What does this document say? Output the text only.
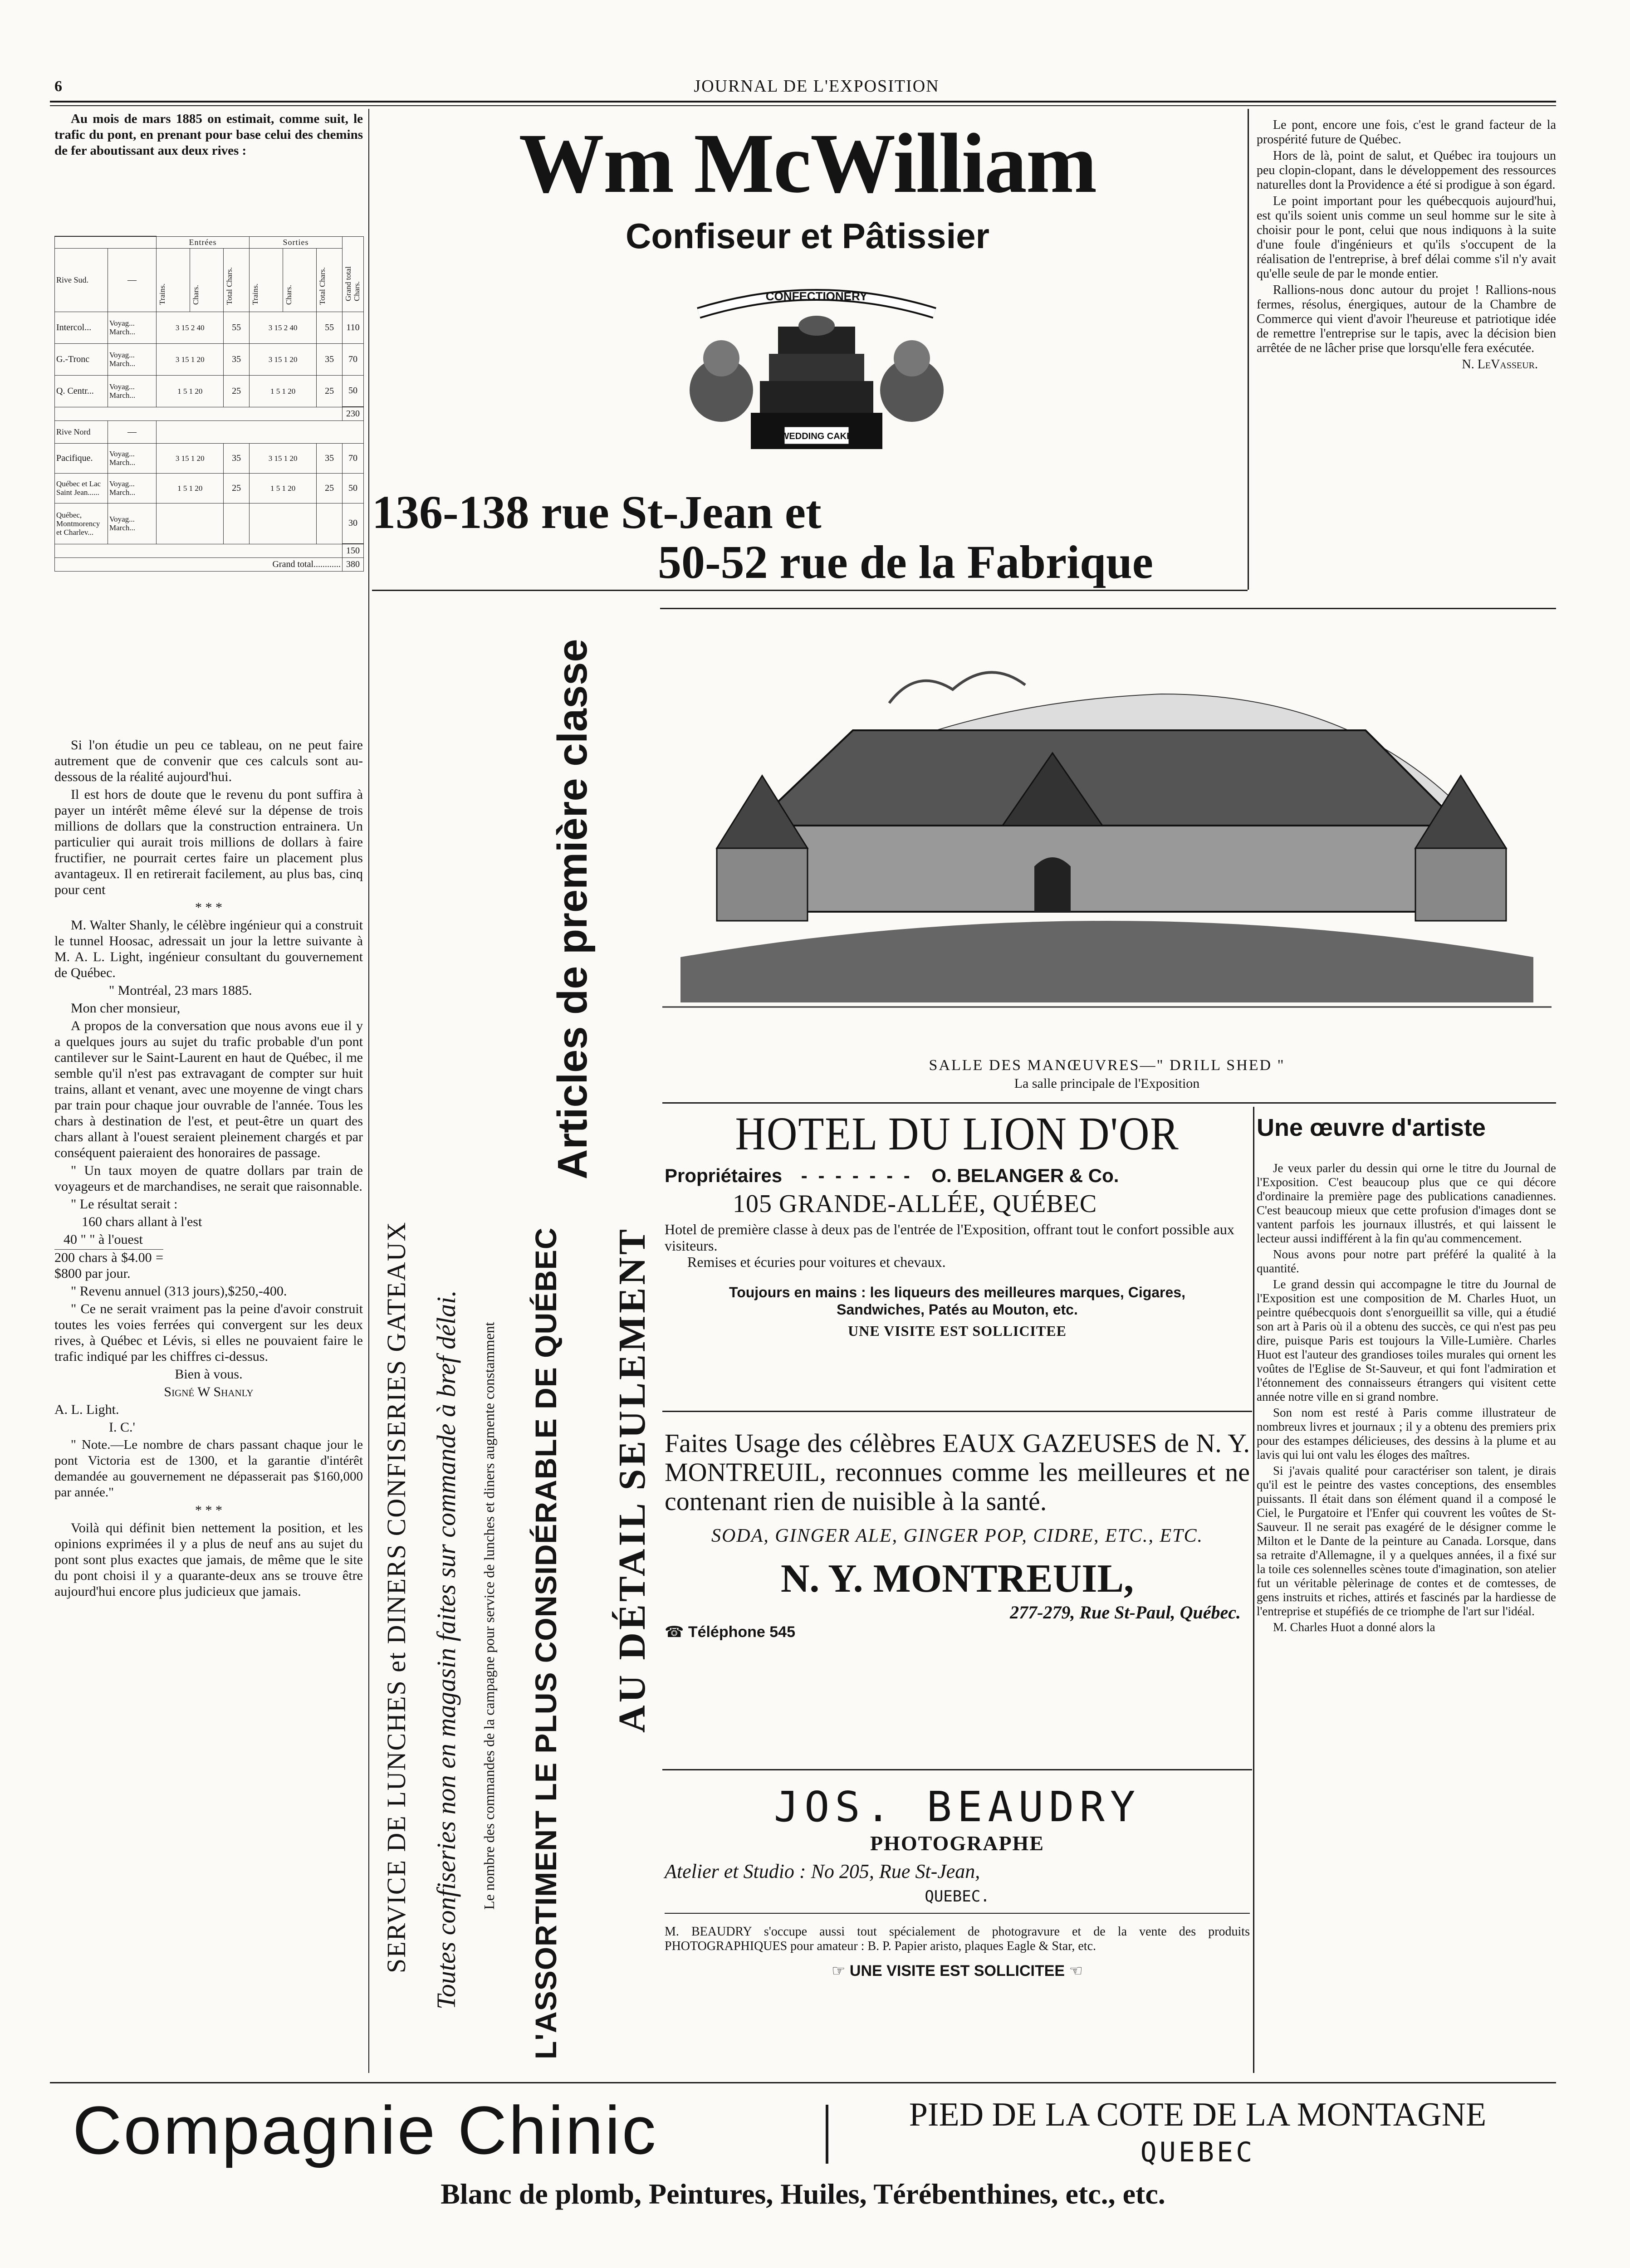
6	JOURNAL DE L'EXPOSITION

Au mois de mars 1885 on estimait, comme suit, le trafic du pont, en prenant pour base celui des chemins de fer aboutissant aux deux rives :

		Entrées			Sorties			Grand total Chars.

Rive Sud.	—	Trains.	Chars.	Total Chars.	Trains.	Chars.	Total Chars.	

Intercol...	Voyag... March...	3 15 2 40		55	3 15 2 40		55	110
G.-Tronc	Voyag... March...	3 15 1 20		35	3 15 1 20		35	70
Q. Centr...	Voyag... March...	1 5 1 20		25	1 5 1 20		25	50
								230
Rive Nord	—							
Pacifique.	Voyag... March...	3 15 1 20		35	3 15 1 20		35	70
Québec et Lac Saint Jean......	Voyag... March...	1 5 1 20		25	1 5 1 20		25	50
Québec, Montmorency et Charlev...	Voyag... March...							30
								150
Grand total............								380

Si l'on étudie un peu ce tableau, on ne peut faire autrement que de convenir que ces calculs sont au-dessous de la réalité aujourd'hui.

Il est hors de doute que le revenu du pont suffira à payer un intérêt même élevé sur la dépense de trois millions de dollars que la construction entrainera. Un particulier qui aurait trois millions de dollars à faire fructifier, ne pourrait certes faire un placement plus avantageux. Il en retirerait facilement, au plus bas, cinq pour cent

* * *

M. Walter Shanly, le célèbre ingénieur qui a construit le tunnel Hoosac, adressait un jour la lettre suivante à M. A. L. Light, ingénieur consultant du gouvernement de Québec.

" Montréal, 23 mars 1885.

Mon cher monsieur,

A propos de la conversation que nous avons eue il y a quelques jours au sujet du trafic probable d'un pont cantilever sur le Saint-Laurent en haut de Québec, il me semble qu'il n'est pas extravagant de compter sur huit trains, allant et venant, avec une moyenne de vingt chars par train pour chaque jour ouvrable de l'année. Tous les chars à destination de l'est, et peut-être un quart des chars allant à l'ouest seraient pleinement chargés et par conséquent paieraient des honoraires de passage.

" Un taux moyen de quatre dollars par train de voyageurs et de marchandises, ne serait que raisonnable.

" Le résultat serait :

160 chars allant à l'est

40 " " à l'ouest

200 chars à $4.00 = $800 par jour.

" Revenu annuel (313 jours),$250,-400.

" Ce ne serait vraiment pas la peine d'avoir construit toutes les voies ferrées qui convergent sur les deux rives, à Québec et Lévis, si elles ne pouvaient faire le trafic indiqué par les chiffres ci-dessus.

Bien à vous.

Signé W Shanly

A. L. Light.

I. C.'

" Note.—Le nombre de chars passant chaque jour le pont Victoria est de 1300, et la garantie d'intérêt demandée au gouvernement ne dépasserait pas $160,000 par année."

* * *

Voilà qui définit bien nettement la position, et les opinions exprimées il y a plus de neuf ans au sujet du pont sont plus exactes que jamais, de même que le site du pont choisi il y a quarante-deux ans se trouve être aujourd'hui encore plus judicieux que jamais.

Wm McWilliam
Confiseur et Pâtissier
CONFECTIONERY
WEDDING CAKE
136-138 rue St-Jean et
50-52 rue de la Fabrique
SERVICE DE LUNCHES et DINERS CONFISERIES GATEAUX Toutes confiseries non en magasin faites sur commande à bref délai. Le nombre des commandes de la campagne pour service de lunches et diners augmente constamment L'ASSORTIMENT LE PLUS CONSIDÉRABLE DE QUÉBEC
Articles de première classe
AU DÉTAIL SEULEMENT

Le pont, encore une fois, c'est le grand facteur de la prospérité future de Québec.

Hors de là, point de salut, et Québec ira toujours un peu clopin-clopant, dans le développement des ressources naturelles dont la Providence a été si prodigue à son égard.

Le point important pour les québecquois aujourd'hui, est qu'ils soient unis comme un seul homme sur le site à choisir pour le pont, celui que nous indiquons à la suite d'une foule d'ingénieurs et qu'ils s'occupent de la réalisation de l'entreprise, à bref délai comme s'il n'y avait qu'elle seule de par le monde entier.

Rallions-nous donc autour du projet ! Rallions-nous fermes, résolus, énergiques, autour de la Chambre de Commerce qui vient d'avoir l'heureuse et patriotique idée de remettre l'entreprise sur le tapis, avec la décision bien arrêtée de ne lâcher prise que lorsqu'elle fera exécutée.

N. LeVasseur.

SALLE DES MANŒUVRES—" DRILL SHED "
La salle principale de l'Exposition
HOTEL DU LION D'OR
Propriétaires - - - - - - - O. BELANGER & Co.
105 GRANDE-ALLÉE, QUÉBEC
Hotel de première classe à deux pas de l'entrée de l'Exposition, offrant tout le confort possible aux visiteurs.
Remises et écuries pour voitures et chevaux.
Toujours en mains : les liqueurs des meilleures marques, Cigares, Sandwiches, Patés au Mouton, etc.
UNE VISITE EST SOLLICITEE
Faites Usage des célèbres EAUX GAZEUSES de N. Y. MONTREUIL, reconnues comme les meilleures et ne contenant rien de nuisible à la santé.
SODA, GINGER ALE, GINGER POP, CIDRE, ETC., ETC.
N. Y. MONTREUIL,
277-279, Rue St-Paul, Québec.
☎ Téléphone 545
JOS. BEAUDRY
PHOTOGRAPHE
Atelier et Studio : No 205, Rue St-Jean,
QUEBEC.
M. BEAUDRY s'occupe aussi tout spécialement de photogravure et de la vente des produits PHOTOGRAPHIQUES pour amateur : B. P. Papier aristo, plaques Eagle & Star, etc.
☞ UNE VISITE EST SOLLICITEE ☜
Une œuvre d'artiste

Je veux parler du dessin qui orne le titre du Journal de l'Exposition. C'est beaucoup plus que ce qui décore d'ordinaire la première page des publications canadiennes. C'est beaucoup mieux que cette profusion d'images dont se vantent parfois les journaux illustrés, et qui laissent le lecteur aussi indifférent à la fin qu'au commencement.

Nous avons pour notre part préféré la qualité à la quantité.

Le grand dessin qui accompagne le titre du Journal de l'Exposition est une composition de M. Charles Huot, un peintre québecquois dont s'enorgueillit sa ville, qui a étudié son art à Paris où il a obtenu des succès, ce qui n'est pas peu dire, puisque Paris est toujours la Ville-Lumière. Charles Huot est l'auteur des grandioses toiles murales qui ornent les voûtes de l'Eglise de St-Sauveur, et qui font l'admiration et l'étonnement des connaisseurs étrangers qui visitent cette année notre ville en si grand nombre.

Son nom est resté à Paris comme illustrateur de nombreux livres et journaux ; il y a obtenu des premiers prix pour des estampes délicieuses, des dessins à la plume et au lavis qui lui ont valu les éloges des maîtres.

Si j'avais qualité pour caractériser son talent, je dirais qu'il est le peintre des vastes conceptions, des ensembles puissants. Il était dans son élément quand il a composé le Ciel, le Purgatoire et l'Enfer qui couvrent les voûtes de St-Sauveur. Il ne serait pas exagéré de le désigner comme le Milton et le Dante de la peinture au Canada. Lorsque, dans sa retraite d'Allemagne, il y a quelques années, il a fixé sur la toile ces solennelles scènes toute d'imagination, son atelier fut un véritable pèlerinage de contes et de comtesses, de gens instruits et riches, attirés et fascinés par la hardiesse de l'entreprise et stupéfiés de ce triomphe de l'art sur l'idéal.

M. Charles Huot a donné alors la

Compagnie Chinic	PIED DE LA COTE DE LA MONTAGNE
QUEBEC
Blanc de plomb, Peintures, Huiles, Térébenthines, etc., etc.
